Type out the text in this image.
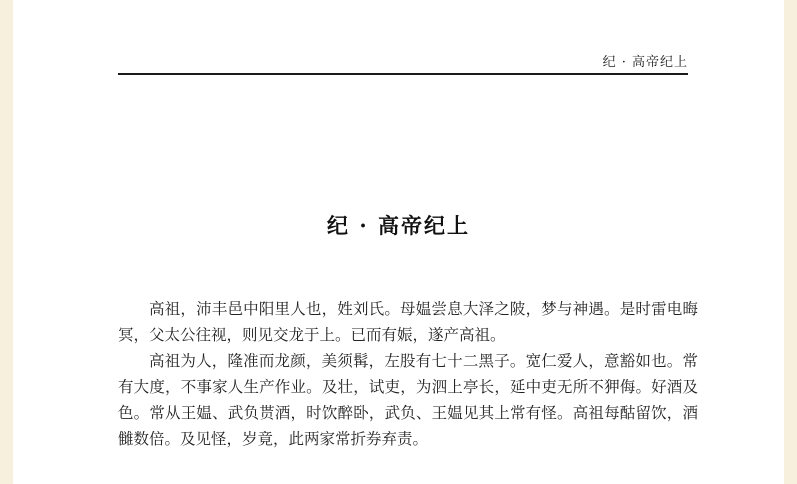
纪 · 高帝纪上
纪 · 高帝纪上

高祖，沛丰邑中阳里人也，姓刘氏。母媪尝息大泽之陂，梦与神遇。是时雷电晦冥，父太公往视，则见交龙于上。已而有娠，遂产高祖。

高祖为人，隆准而龙颜，美须髯，左股有七十二黑子。宽仁爱人，意豁如也。常有大度，不事家人生产作业。及壮，试吏，为泗上亭长，延中吏无所不狎侮。好酒及色。常从王媪、武负贳酒，时饮醉卧，武负、王媪见其上常有怪。高祖每酤留饮，酒雠数倍。及见怪，岁竟，此两家常折券弃责。
